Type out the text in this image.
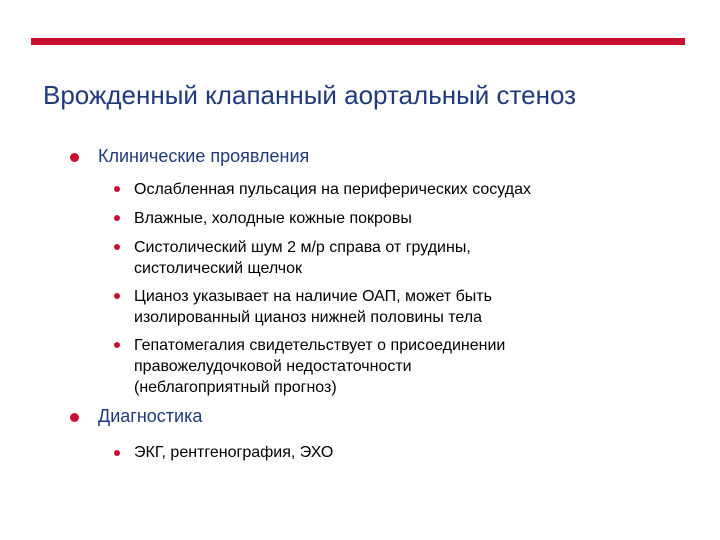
Врожденный клапанный аортальный стеноз
Клинические проявления
Ослабленная пульсация на периферических сосудах
Влажные, холодные кожные покровы
Систолический шум 2 м/р справа от грудины,
систолический щелчок
Цианоз указывает на наличие ОАП, может быть
изолированный цианоз нижней половины тела
Гепатомегалия свидетельствует о присоединении
правожелудочковой недостаточности
(неблагоприятный прогноз)
Диагностика
ЭКГ, рентгенография, ЭХО
